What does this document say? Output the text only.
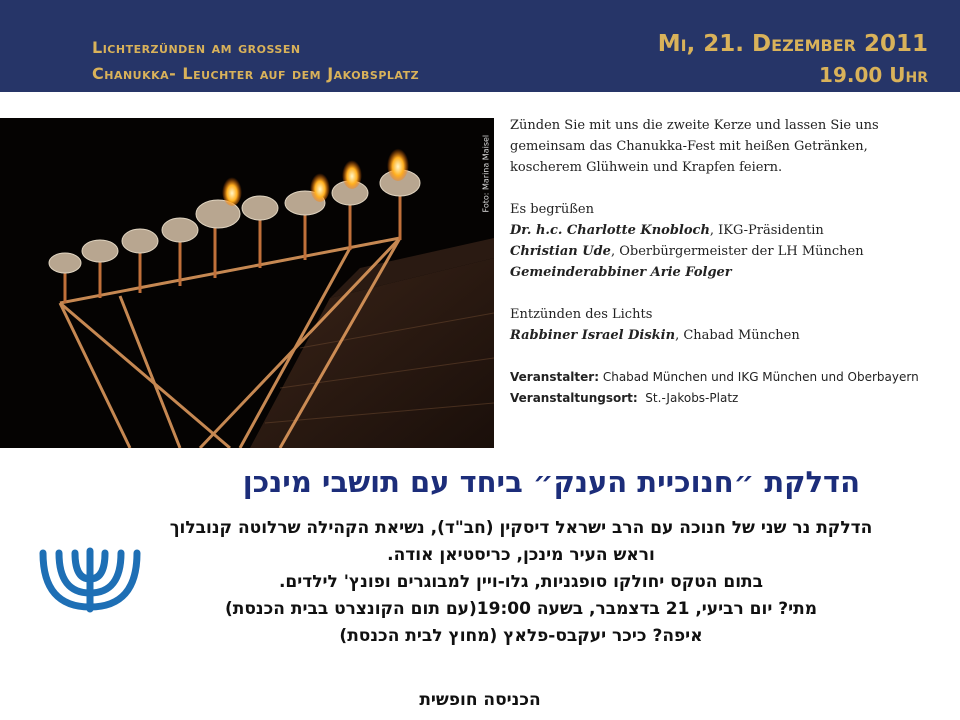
Lichterzünden am grossen
Chanukka- Leuchter auf dem Jakobsplatz
Mi, 21. Dezember 2011
19.00 Uhr
Foto: Marina Maisel

Zünden Sie mit uns die zweite Kerze und lassen Sie uns

gemeinsam das Chanukka-Fest mit heißen Getränken,

koscherem Glühwein und Krapfen feiern.

Es begrüßen

Dr. h.c. Charlotte Knobloch, IKG-Präsidentin

Christian Ude, Oberbürgermeister der LH München

Gemeinderabbiner Arie Folger

Entzünden des Lichts

Rabbiner Israel Diskin, Chabad München

Veranstalter: Chabad München und IKG München und Oberbayern

Veranstaltungsort:  St.-Jakobs-Platz

הדלקת ״חנוכיית הענק״ ביחד עם תושבי מינכן
הדלקת נר שני של חנוכה עם הרב ישראל דיסקין (חב"ד), נשיאת הקהילה שרלוטה קנובלוך
וראש העיר מינכן, כריסטיאן אודה.
בתום הטקס יחולקו סופגניות, גלו-ויין למבוגרים ופונץ' לילדים.
מתי? יום רביעי, 21 בדצמבר, בשעה 19:00(עם תום הקונצרט בבית הכנסת)
איפה? כיכר יעקבס-פלאץ (מחוץ לבית הכנסת)
הכניסה חופשית
